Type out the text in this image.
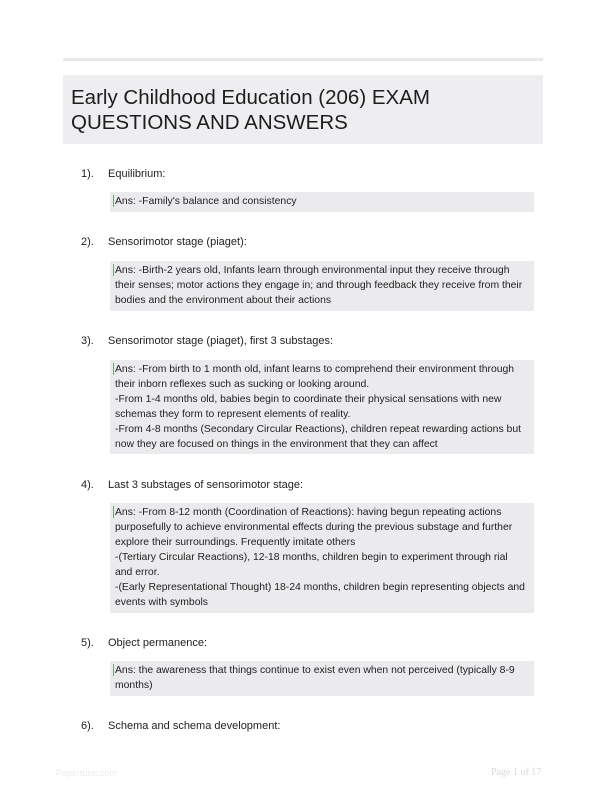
Early Childhood Education (206) EXAM
QUESTIONS AND ANSWERS
1). Equilibrium:
Ans: -Family's balance and consistency
2). Sensorimotor stage (piaget):
Ans: -Birth-2 years old, Infants learn through environmental input they receive through
their senses; motor actions they engage in; and through feedback they receive from their
bodies and the environment about their actions
3). Sensorimotor stage (piaget), first 3 substages:
Ans: -From birth to 1 month old, infant learns to comprehend their environment through
their inborn reflexes such as sucking or looking around.
-From 1-4 months old, babies begin to coordinate their physical sensations with new
schemas they form to represent elements of reality.
-From 4-8 months (Secondary Circular Reactions), children repeat rewarding actions but
now they are focused on things in the environment that they can affect
4). Last 3 substages of sensorimotor stage:
Ans: -From 8-12 month (Coordination of Reactions): having begun repeating actions
purposefully to achieve environmental effects during the previous substage and further
explore their surroundings. Frequently imitate others
-(Tertiary Circular Reactions), 12-18 months, children begin to experiment through rial
and error.
-(Early Representational Thought) 18-24 months, children begin representing objects and
events with symbols
5). Object permanence:
Ans: the awareness that things continue to exist even when not perceived (typically 8-9
months)
6). Schema and schema development:
Papertutor.com	Page 1 of 17
